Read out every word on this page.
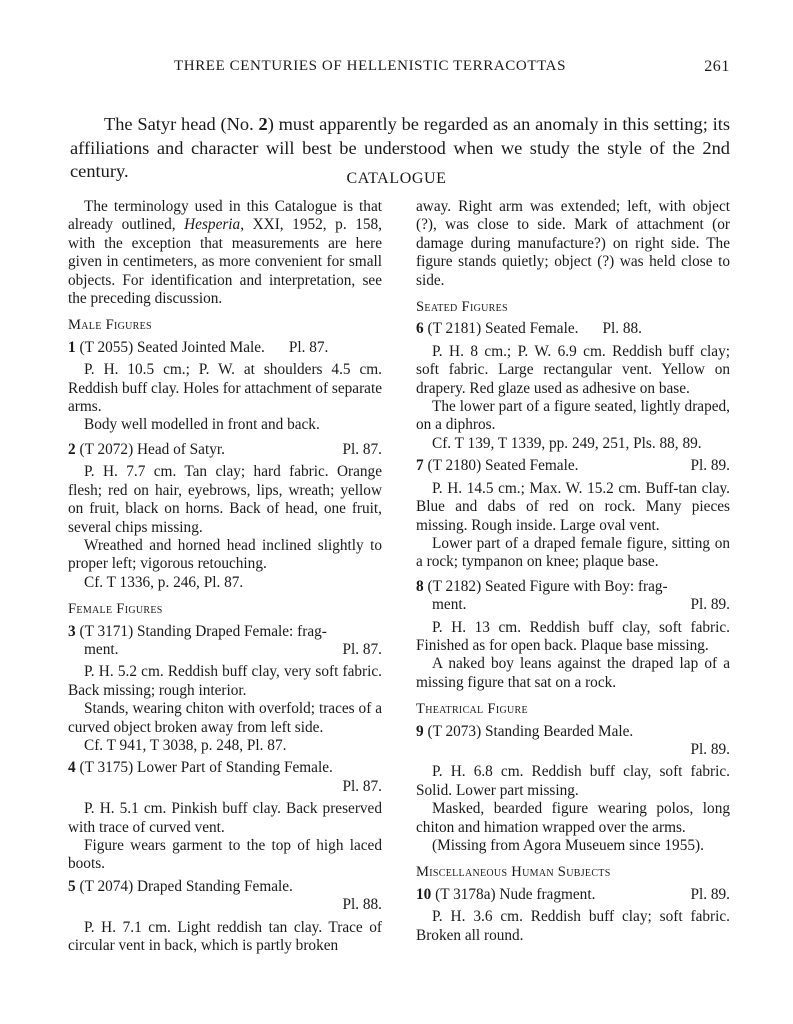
THREE CENTURIES OF HELLENISTIC TERRACOTTAS	261

The Satyr head (No. 2) must apparently be regarded as an anomaly in this setting; its affiliations and character will best be understood when we study the style of the 2nd century.	CATALOGUE

The terminology used in this Catalogue is that already outlined, Hesperia, XXI, 1952, p. 158, with the exception that measurements are here given in centimeters, as more convenient for small objects. For identification and interpretation, see the preceding discussion.

Male Figures

1 (T 2055) Seated Jointed Male. Pl. 87.

P. H. 10.5 cm.; P. W. at shoulders 4.5 cm. Reddish buff clay. Holes for attachment of separate arms.

Body well modelled in front and back.

2 (T 2072) Head of Satyr.	Pl. 87.

P. H. 7.7 cm. Tan clay; hard fabric. Orange flesh; red on hair, eyebrows, lips, wreath; yellow on fruit, black on horns. Back of head, one fruit, several chips missing.

Wreathed and horned head inclined slightly to proper left; vigorous retouching.

Cf. T 1336, p. 246, Pl. 87.

Female Figures

3 (T 3171) Standing Draped Female: frag-
ment.	Pl. 87.

P. H. 5.2 cm. Reddish buff clay, very soft fabric. Back missing; rough interior.

Stands, wearing chiton with overfold; traces of a curved object broken away from left side.

Cf. T 941, T 3038, p. 248, Pl. 87.

4 (T 3175) Lower Part of Standing Female.
Pl. 87.

P. H. 5.1 cm. Pinkish buff clay. Back preserved with trace of curved vent.

Figure wears garment to the top of high laced boots.

5 (T 2074) Draped Standing Female.
Pl. 88.

P. H. 7.1 cm. Light reddish tan clay. Trace of circular vent in back, which is partly broken

away. Right arm was extended; left, with object (?), was close to side. Mark of attachment (or damage during manufacture?) on right side. The figure stands quietly; object (?) was held close to side.

Seated Figures

6 (T 2181) Seated Female. Pl. 88.

P. H. 8 cm.; P. W. 6.9 cm. Reddish buff clay; soft fabric. Large rectangular vent. Yellow on drapery. Red glaze used as adhesive on base.

The lower part of a figure seated, lightly draped, on a diphros.

Cf. T 139, T 1339, pp. 249, 251, Pls. 88, 89.

7 (T 2180) Seated Female.	Pl. 89.

P. H. 14.5 cm.; Max. W. 15.2 cm. Buff-tan clay. Blue and dabs of red on rock. Many pieces missing. Rough inside. Large oval vent.

Lower part of a draped female figure, sitting on a rock; tympanon on knee; plaque base.

8 (T 2182) Seated Figure with Boy: frag-
ment.	Pl. 89.

P. H. 13 cm. Reddish buff clay, soft fabric. Finished as for open back. Plaque base missing.

A naked boy leans against the draped lap of a missing figure that sat on a rock.

Theatrical Figure

9 (T 2073) Standing Bearded Male.
Pl. 89.

P. H. 6.8 cm. Reddish buff clay, soft fabric. Solid. Lower part missing.

Masked, bearded figure wearing polos, long chiton and himation wrapped over the arms.

(Missing from Agora Museuem since 1955).

Miscellaneous Human Subjects

10 (T 3178a) Nude fragment.	Pl. 89.

P. H. 3.6 cm. Reddish buff clay; soft fabric. Broken all round.
